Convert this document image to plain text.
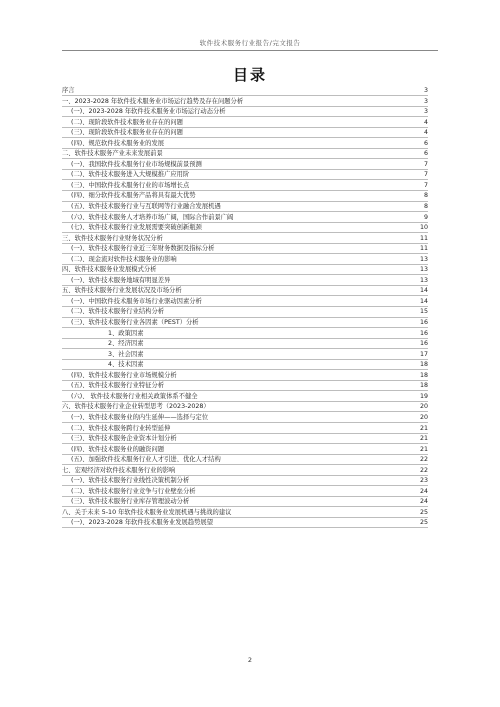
软件技术服务行业报告/完文报告
目录
序言	3
一、2023-2028 年软件技术服务业市场运行趋势及存在问题分析	3
(一)、2023-2028 年软件技术服务业市场运行动态分析	3
(二)、现阶段软件技术服务业存在的问题	4
(三)、现阶段软件技术服务业存在的问题	4
(四)、规范软件技术服务业的发展	6
二、软件技术服务产业未来发展前景	6
(一)、我国软件技术服务行业市场规模前景预测	7
(二)、软件技术服务进入大规模推广应用阶	7
(三)、中国软件技术服务行业的市场增长点	7
(四)、细分软件技术服务产品将具有最大优势	8
(五)、软件技术服务行业与互联网等行业融合发展机遇	8
(六)、软件技术服务人才培养市场广阔，国际合作前景广阔	9
(七)、软件技术服务行业发展需要突破创新瓶颈	10
三、软件技术服务行业财务状况分析	11
(一)、软件技术服务行业近三年财务数据及指标分析	11
(二)、现金流对软件技术服务业的影响	13
四、软件技术服务业发展模式分析	13
(一)、软件技术服务地域有明显差异	13
五、软件技术服务行业发展状况及市场分析	14
(一)、中国软件技术服务市场行业驱动因素分析	14
(二)、软件技术服务行业结构分析	15
(三)、软件技术服务行业各因素（PEST）分析	16
1、政策因素	16
2、经济因素	16
3、社会因素	17
4、技术因素	18
(四)、软件技术服务行业市场规模分析	18
(五)、软件技术服务行业特征分析	18
(六)、 软件技术服务行业相关政策体系不健全	19
六、软件技术服务行业企业转型思考（2023-2028）	20
(一)、软件技术服务业的内生延伸——选择与定位	20
(二)、软件技术服务跨行业转型延伸	21
(三)、软件技术服务企业资本计划分析	21
(四)、软件技术服务业的融资问题	21
(五)、加强软件技术服务行业人才引进、优化人才结构	22
七、宏观经济对软件技术服务行业的影响	22
(一)、软件技术服务行业线性决策机制分析	23
(二)、软件技术服务行业竞争与行业壁垒分析	24
(三)、软件技术服务行业库存管理波动分析	24
八、关于未来 5-10 年软件技术服务业发展机遇与挑战的建议	25
(一)、2023-2028 年软件技术服务业发展趋势展望	25
2
